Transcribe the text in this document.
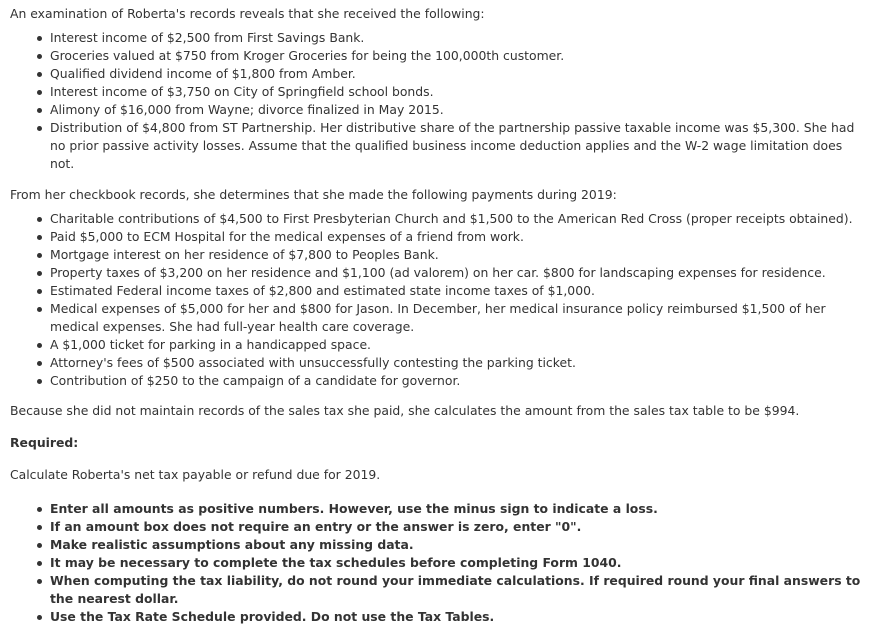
An examination of Roberta's records reveals that she received the following:

Interest income of $2,500 from First Savings Bank.
Groceries valued at $750 from Kroger Groceries for being the 100,000th customer.
Qualified dividend income of $1,800 from Amber.
Interest income of $3,750 on City of Springfield school bonds.
Alimony of $16,000 from Wayne; divorce finalized in May 2015.
Distribution of $4,800 from ST Partnership. Her distributive share of the partnership passive taxable income was $5,300. She had no prior passive activity losses. Assume that the qualified business income deduction applies and the W-2 wage limitation does not.

From her checkbook records, she determines that she made the following payments during 2019:

Charitable contributions of $4,500 to First Presbyterian Church and $1,500 to the American Red Cross (proper receipts obtained).
Paid $5,000 to ECM Hospital for the medical expenses of a friend from work.
Mortgage interest on her residence of $7,800 to Peoples Bank.
Property taxes of $3,200 on her residence and $1,100 (ad valorem) on her car. $800 for landscaping expenses for residence.
Estimated Federal income taxes of $2,800 and estimated state income taxes of $1,000.
Medical expenses of $5,000 for her and $800 for Jason. In December, her medical insurance policy reimbursed $1,500 of her medical expenses. She had full-year health care coverage.
A $1,000 ticket for parking in a handicapped space.
Attorney's fees of $500 associated with unsuccessfully contesting the parking ticket.
Contribution of $250 to the campaign of a candidate for governor.

Because she did not maintain records of the sales tax she paid, she calculates the amount from the sales tax table to be $994.

Required:

Calculate Roberta's net tax payable or refund due for 2019.

Enter all amounts as positive numbers. However, use the minus sign to indicate a loss.
If an amount box does not require an entry or the answer is zero, enter "0".
Make realistic assumptions about any missing data.
It may be necessary to complete the tax schedules before completing Form 1040.
When computing the tax liability, do not round your immediate calculations. If required round your final answers to the nearest dollar.
Use the Tax Rate Schedule provided. Do not use the Tax Tables.
